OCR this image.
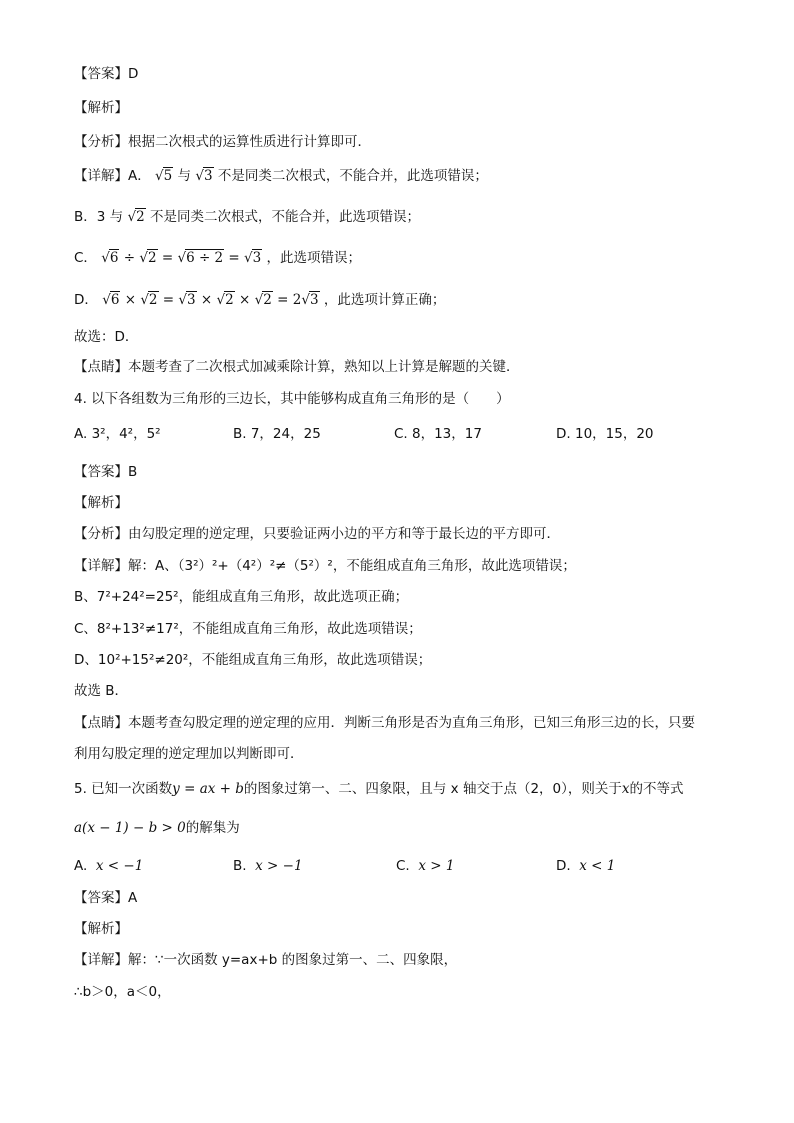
【答案】D
【解析】
【分析】根据二次根式的运算性质进行计算即可．
【详解】A． √5 与 √3 不是同类二次根式，不能合并，此选项错误；
B．3 与 √2 不是同类二次根式，不能合并，此选项错误；
C． √6 ÷ √2 = √6 ÷ 2 = √3 ，此选项错误；
D． √6 × √2 = √3 × √2 × √2 = 2√3 ，此选项计算正确；
故选：D．
【点睛】本题考查了二次根式加减乘除计算，熟知以上计算是解题的关键．
4. 以下各组数为三角形的三边长，其中能够构成直角三角形的是（　　）
A. 3²，4²，5²	B. 7，24，25	C. 8，13，17	D. 10，15，20
【答案】B
【解析】
【分析】由勾股定理的逆定理，只要验证两小边的平方和等于最长边的平方即可．
【详解】解：A、（3²）²+（4²）²≠（5²）²，不能组成直角三角形，故此选项错误；
B、7²+24²=25²，能组成直角三角形，故此选项正确；
C、8²+13²≠17²，不能组成直角三角形，故此选项错误；
D、10²+15²≠20²，不能组成直角三角形，故此选项错误；
故选 B．
【点睛】本题考查勾股定理的逆定理的应用．判断三角形是否为直角三角形，已知三角形三边的长，只要
利用勾股定理的逆定理加以判断即可．
5. 已知一次函数y = ax + b的图象过第一、二、四象限，且与 x 轴交于点（2，0），则关于x的不等式
a(x − 1) − b > 0的解集为
A. x < −1	B. x > −1	C. x > 1	D. x < 1
【答案】A
【解析】
【详解】解：∵一次函数 y=ax+b 的图象过第一、二、四象限，
∴b＞0，a＜0，
